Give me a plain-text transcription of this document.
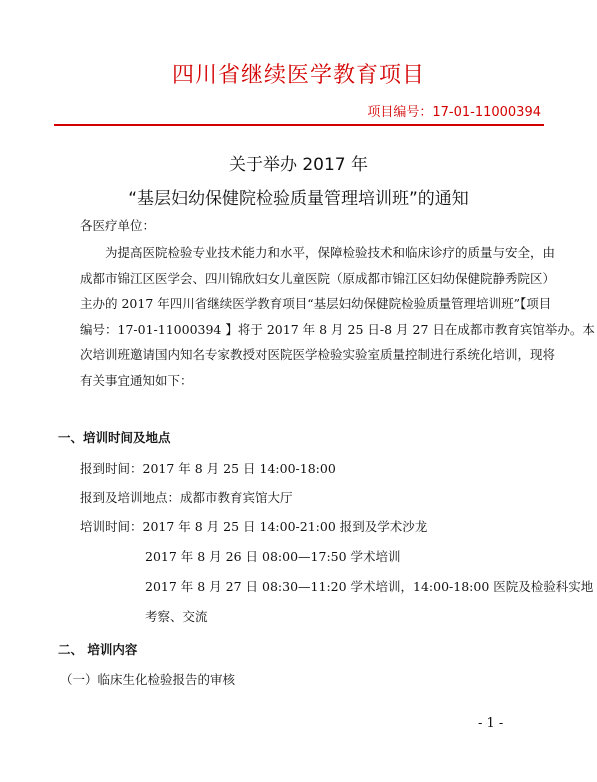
四川省继续医学教育项目
项目编号：17-01-11000394
关于举办 2017 年
“基层妇幼保健院检验质量管理培训班”的通知
各医疗单位：
为提高医院检验专业技术能力和水平，保障检验技术和临床诊疗的质量与安全，由
成都市锦江区医学会、四川锦欣妇女儿童医院（原成都市锦江区妇幼保健院静秀院区）
主办的 2017 年四川省继续医学教育项目“基层妇幼保健院检验质量管理培训班”【项目
编号：17-01-11000394 】将于 2017 年 8 月 25 日-8 月 27 日在成都市教育宾馆举办。本
次培训班邀请国内知名专家教授对医院医学检验实验室质量控制进行系统化培训，现将
有关事宜通知如下：
一、培训时间及地点
报到时间：2017 年 8 月 25 日 14:00-18:00
报到及培训地点：成都市教育宾馆大厅
培训时间：2017 年 8 月 25 日 14:00-21:00 报到及学术沙龙
2017 年 8 月 26 日 08:00—17:50 学术培训
2017 年 8 月 27 日 08:30—11:20 学术培训，14:00-18:00 医院及检验科实地
考察、交流
二、 培训内容
（一）临床生化检验报告的审核
- 1 -
